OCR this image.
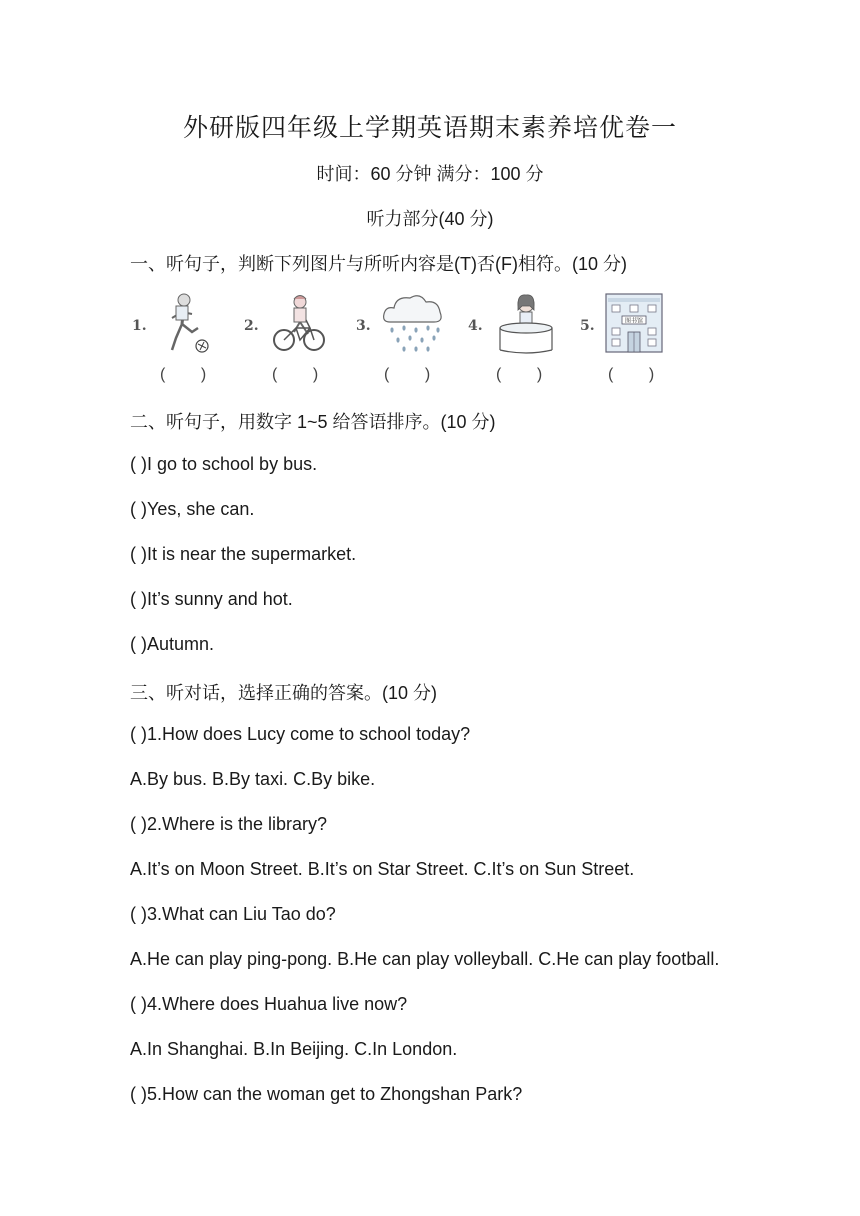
外研版四年级上学期英语期末素养培优卷一
时间：60 分钟 满分：100 分
听力部分(40 分)
一、听句子，判断下列图片与所听内容是(T)否(F)相符。(10 分)
1.	2.	3.	4.	5.	图书馆
(        )	(        )	(        )	(        )	(        )
二、听句子，用数字 1~5 给答语排序。(10 分)
( )I go to school by bus.
( )Yes, she can.
( )It is near the supermarket.
( )It’s sunny and hot.
( )Autumn.
三、听对话，选择正确的答案。(10 分)
( )1.How does Lucy come to school today?
A.By bus. B.By taxi. C.By bike.
( )2.Where is the library?
A.It’s on Moon Street. B.It’s on Star Street. C.It’s on Sun Street.
( )3.What can Liu Tao do?
A.He can play ping-pong. B.He can play volleyball. C.He can play football.
( )4.Where does Huahua live now?
A.In Shanghai. B.In Beijing. C.In London.
( )5.How can the woman get to Zhongshan Park?
